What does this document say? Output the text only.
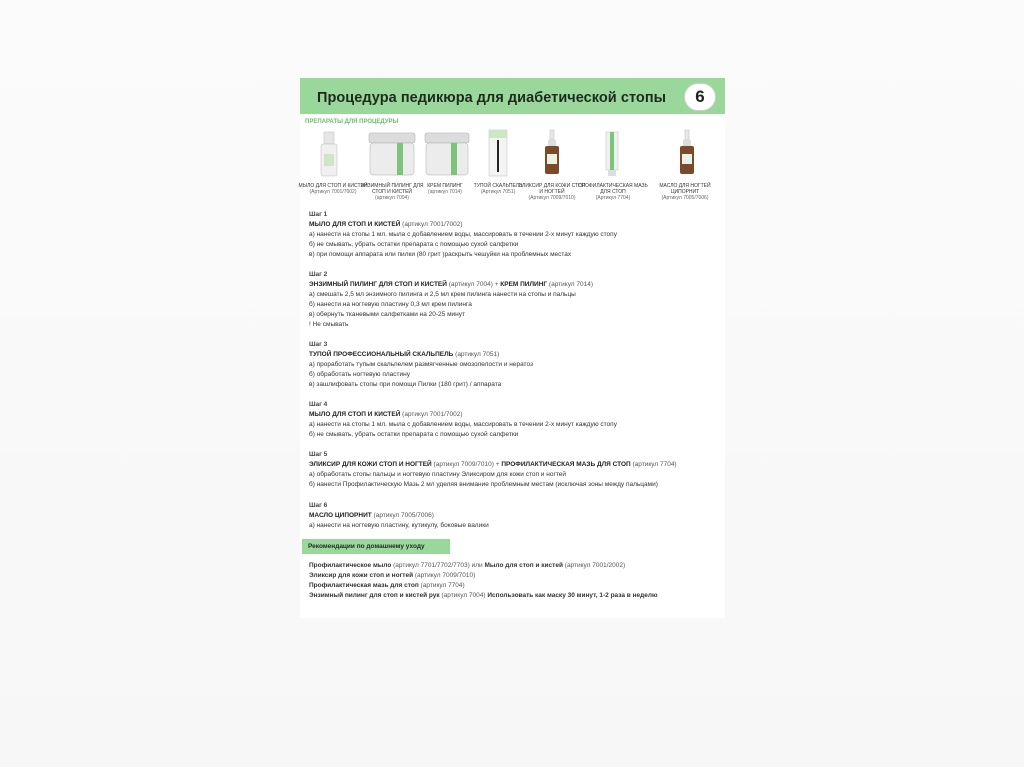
Процедура педикюра для диабетической стопы	6
ПРЕПАРАТЫ ДЛЯ ПРОЦЕДУРЫ
МЫЛО ДЛЯ СТОП И КИСТЕЙ
(Артикул 7001/7002)
ЭНЗИМНЫЙ ПИЛИНГ ДЛЯ СТОП И КИСТЕЙ
(артикул 7004)
КРЕМ ПИЛИНГ
(артикул 7014)
ТУПОЙ СКАЛЬПЕЛЬ
(Артикул 7051)
ЭЛИКСИР ДЛЯ КОЖИ СТОП И НОГТЕЙ
(Артикул 7009/7010)
ПРОФИЛАКТИЧЕСКАЯ МАЗЬ ДЛЯ СТОП
(Артикул 7704)
МАСЛО ДЛЯ НОГТЕЙ ЦИПОРНИТ
(Артикул 7005/7006)
Шаг 1
МЫЛО ДЛЯ СТОП И КИСТЕЙ (артикул 7001/7002)
а) нанести на стопы 1 мл. мыла с добавлением воды, массировать в течении 2-х минут каждую стопу
б) не смывать, убрать остатки препарата с помощью сухой салфетки
в) при помощи аппарата или пилки (80 грит )раскрыть чешуйки на проблемных местах
Шаг 2
ЭНЗИМНЫЙ ПИЛИНГ ДЛЯ СТОП И КИСТЕЙ (артикул 7004) + КРЕМ ПИЛИНГ (артикул 7014)
а) смешать 2,5 мл энзимного пилинга и 2,5 мл крем пилинга нанести на стопы и пальцы
б) нанести на ногтевую пластину 0,3 мл крем пилинга
в) обернуть тканевыми салфетками на 20-25 минут
! Не смывать
Шаг 3
ТУПОЙ ПРОФЕССИОНАЛЬНЫЙ СКАЛЬПЕЛЬ (артикул 7051)
а) проработать тупым скальпелем размягченные омозолелости и нератоз
б) обработать ногтевую пластину
в) зашлифовать стопы при помощи Пилки (180 грит) / аппарата
Шаг 4
МЫЛО ДЛЯ СТОП И КИСТЕЙ (артикул 7001/7002)
а) нанести на стопы 1 мл. мыла с добавлением воды, массировать в течении 2-х минут каждую стопу
б) не смывать, убрать остатки препарата с помощью сухой салфетки
Шаг 5
ЭЛИКСИР ДЛЯ КОЖИ СТОП И НОГТЕЙ (артикул 7009/7010) + ПРОФИЛАКТИЧЕСКАЯ МАЗЬ ДЛЯ СТОП (артикул 7704)
а) обработать стопы пальцы и ногтевую пластину Эликсиром для кожи стоп и ногтей
б) нанести Профилактическую Мазь 2 мл уделяя внимание проблемным местам (исключая зоны между пальцами)
Шаг 6
МАСЛО ЦИПОРНИТ (артикул 7005/7006)
а) нанести на ногтевую пластину, кутикулу, боковые валики
Рекомендации по домашнему уходу
Профилактическое мыло (артикул 7701/7702/7703) или Мыло для стоп и кистей (артикул 7001/2002)
Эликсир для кожи стоп и ногтей (артикул 7009/7010)
Профилактическая мазь для стоп (артикул 7704)
Энзимный пилинг для стоп и кистей рук (артикул 7004) Использовать как маску 30 минут, 1-2 раза в неделю
